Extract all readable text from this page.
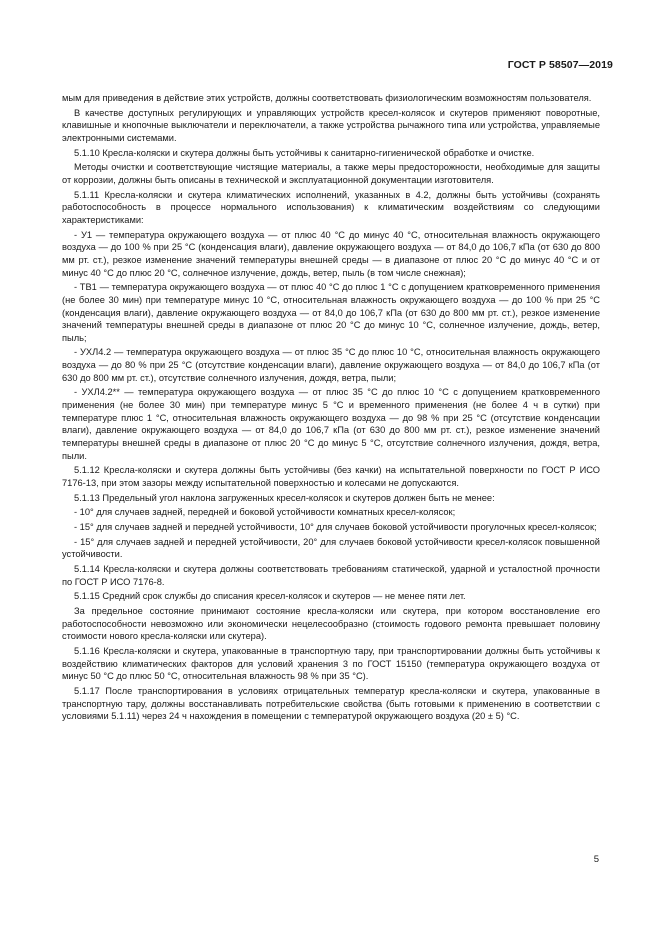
ГОСТ Р 58507—2019

мым для приведения в действие этих устройств, должны соответствовать физиологическим возможностям пользователя.

В качестве доступных регулирующих и управляющих устройств кресел-колясок и скутеров применяют поворотные, клавишные и кнопочные выключатели и переключатели, а также устройства рычажного типа или устройства, управляемые электронными системами.

5.1.10 Кресла-коляски и скутера должны быть устойчивы к санитарно-гигиенической обработке и очистке.

Методы очистки и соответствующие чистящие материалы, а также меры предосторожности, необходимые для защиты от коррозии, должны быть описаны в технической и эксплуатационной документации изготовителя.

5.1.11 Кресла-коляски и скутера климатических исполнений, указанных в 4.2, должны быть устойчивы (сохранять работоспособность в процессе нормального использования) к климатическим воздействиям со следующими характеристиками:

- У1 — температура окружающего воздуха — от плюс 40 °С до минус 40 °С, относительная влажность окружающего воздуха — до 100 % при 25 °С (конденсация влаги), давление окружающего воздуха — от 84,0 до 106,7 кПа (от 630 до 800 мм рт. ст.), резкое изменение значений температуры внешней среды — в диапазоне от плюс 20 °С до минус 40 °С и от минус 40 °С до плюс 20 °С, солнечное излучение, дождь, ветер, пыль (в том числе снежная);

- ТВ1 — температура окружающего воздуха — от плюс 40 °С до плюс 1 °С с допущением кратковременного применения (не более 30 мин) при температуре минус 10 °С, относительная влажность окружающего воздуха — до 100 % при 25 °С (конденсация влаги), давление окружающего воздуха — от 84,0 до 106,7 кПа (от 630 до 800 мм рт. ст.), резкое изменение значений температуры внешней среды в диапазоне от плюс 20 °С до минус 10 °С, солнечное излучение, дождь, ветер, пыль;

- УХЛ4.2 — температура окружающего воздуха — от плюс 35 °С до плюс 10 °С, относительная влажность окружающего воздуха — до 80 % при 25 °С (отсутствие конденсации влаги), давление окружающего воздуха — от 84,0 до 106,7 кПа (от 630 до 800 мм рт. ст.), отсутствие солнечного излучения, дождя, ветра, пыли;

- УХЛ4.2** — температура окружающего воздуха — от плюс 35 °С до плюс 10 °С с допущением кратковременного применения (не более 30 мин) при температуре минус 5 °С и временного применения (не более 4 ч в сутки) при температуре плюс 1 °С, относительная влажность окружающего воздуха — до 98 % при 25 °С (отсутствие конденсации влаги), давление окружающего воздуха — от 84,0 до 106,7 кПа (от 630 до 800 мм рт. ст.), резкое изменение значений температуры внешней среды в диапазоне от плюс 20 °С до минус 5 °С, отсутствие солнечного излучения, дождя, ветра, пыли.

5.1.12 Кресла-коляски и скутера должны быть устойчивы (без качки) на испытательной поверхности по ГОСТ Р ИСО 7176-13, при этом зазоры между испытательной поверхностью и колесами не допускаются.

5.1.13 Предельный угол наклона загруженных кресел-колясок и скутеров должен быть не менее:

- 10° для случаев задней, передней и боковой устойчивости комнатных кресел-колясок;

- 15° для случаев задней и передней устойчивости, 10° для случаев боковой устойчивости прогулочных кресел-колясок;

- 15° для случаев задней и передней устойчивости, 20° для случаев боковой устойчивости кресел-колясок повышенной устойчивости.

5.1.14 Кресла-коляски и скутера должны соответствовать требованиям статической, ударной и усталостной прочности по ГОСТ Р ИСО 7176-8.

5.1.15 Средний срок службы до списания кресел-колясок и скутеров — не менее пяти лет.

За предельное состояние принимают состояние кресла-коляски или скутера, при котором восстановление его работоспособности невозможно или экономически нецелесообразно (стоимость годового ремонта превышает половину стоимости нового кресла-коляски или скутера).

5.1.16 Кресла-коляски и скутера, упакованные в транспортную тару, при транспортировании должны быть устойчивы к воздействию климатических факторов для условий хранения 3 по ГОСТ 15150 (температура окружающего воздуха от минус 50 °С до плюс 50 °С, относительная влажность 98 % при 35 °С).

5.1.17 После транспортирования в условиях отрицательных температур кресла-коляски и скутера, упакованные в транспортную тару, должны восстанавливать потребительские свойства (быть готовыми к применению в соответствии с условиями 5.1.11) через 24 ч нахождения в помещении с температурой окружающего воздуха (20 ± 5) °С.

5
